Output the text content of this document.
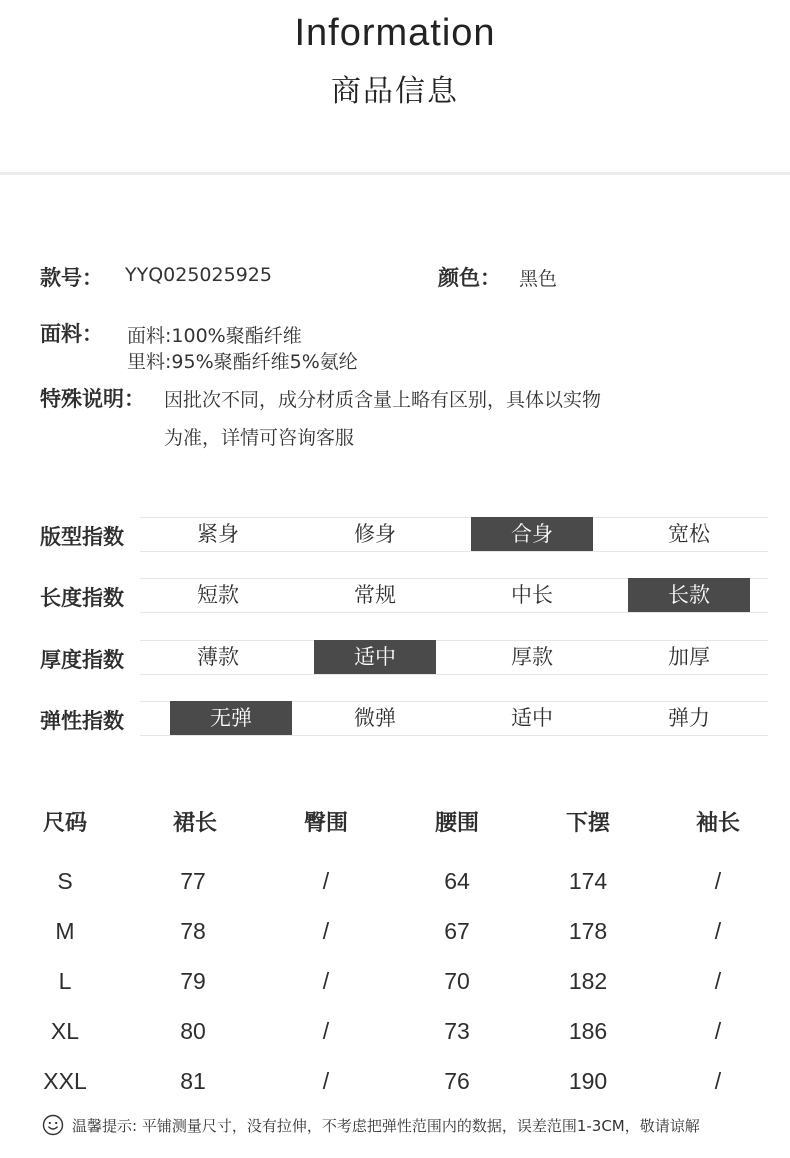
Information
商品信息
款号： YYQ025025925	颜色： 黑色
面料： 面料:100%聚酯纤维
里料:95%聚酯纤维5%氨纶
特殊说明： 因批次不同，成分材质含量上略有区别，具体以实物
为准，详情可咨询客服
版型指数	紧身	修身	合身	宽松
长度指数	短款	常规	中长	长款
厚度指数	薄款	适中	厚款	加厚
弹性指数	无弹	微弹	适中	弹力
尺码	裙长	臀围	腰围	下摆	袖长
S	77	/	64	174	/
M	78	/	67	178	/
L	79	/	70	182	/
XL	80	/	73	186	/
XXL	81	/	76	190	/
温馨提示: 平铺测量尺寸，没有拉伸，不考虑把弹性范围内的数据，误差范围1-3CM，敬请谅解
